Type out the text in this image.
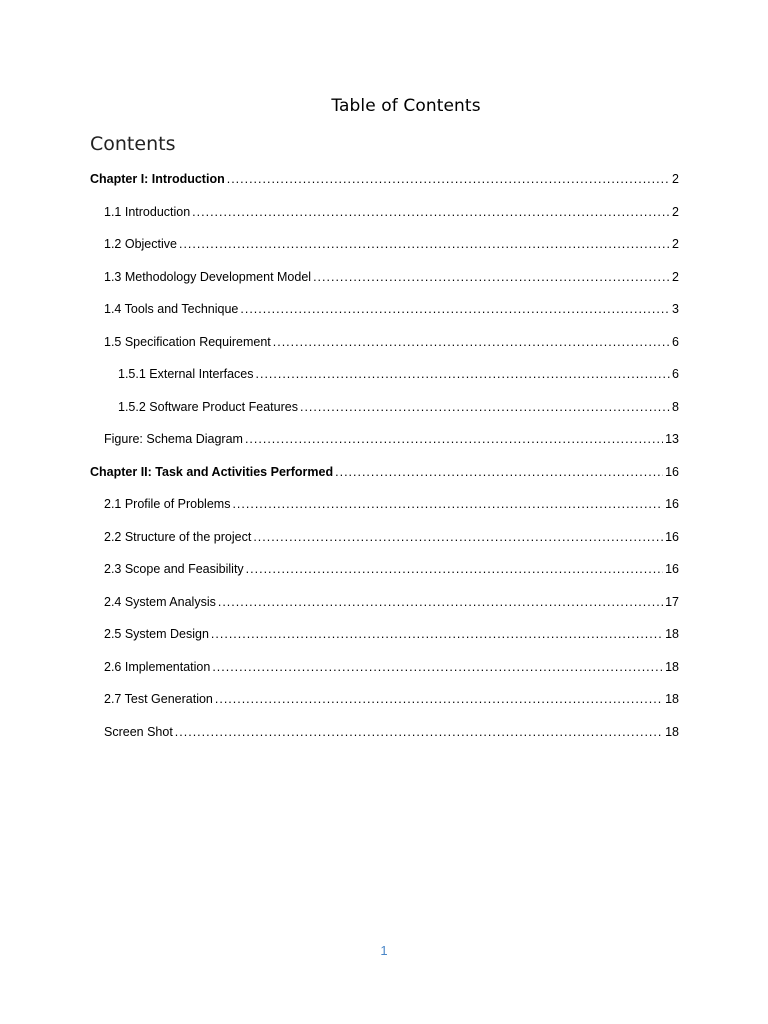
Table of Contents
Contents
Chapter I: Introduction .....	2
1.1 Introduction .....	2
1.2 Objective .....	2
1.3 Methodology Development Model .....	2
1.4 Tools and Technique .....	3
1.5 Specification Requirement .....	6
1.5.1 External Interfaces .....	6
1.5.2 Software Product Features .....	8
Figure: Schema Diagram .....	13
Chapter II: Task and Activities Performed .....	16
2.1 Profile of Problems .....	16
2.2 Structure of the project .....	16
2.3 Scope and Feasibility .....	16
2.4 System Analysis .....	17
2.5 System Design .....	18
2.6 Implementation .....	18
2.7 Test Generation .....	18
Screen Shot .....	18
1
